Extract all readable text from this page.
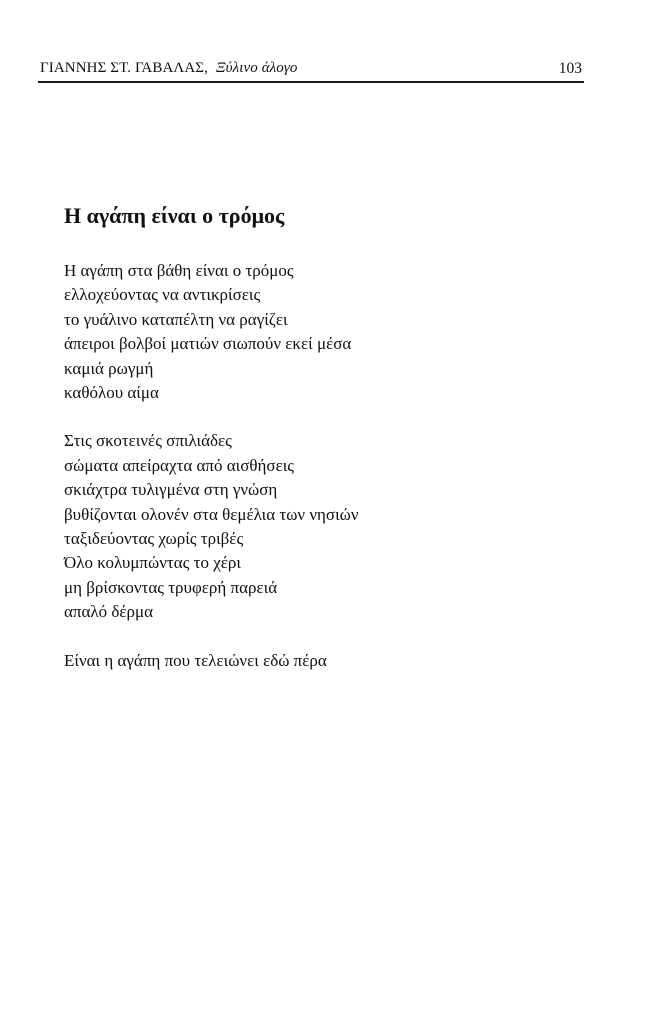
ΓΙΑΝΝΗΣ ΣΤ. ΓΑΒΑΛΑΣ, Ξύλινο άλογο	103
Η αγάπη είναι ο τρόμος
Η αγάπη στα βάθη είναι ο τρόμος
ελλοχεύοντας να αντικρίσεις
το γυάλινο καταπέλτη να ραγίζει
άπειροι βολβοί ματιών σιωπούν εκεί μέσα
καμιά ρωγμή
καθόλου αίμα
Στις σκοτεινές σπιλιάδες
σώματα απείραχτα από αισθήσεις
σκιάχτρα τυλιγμένα στη γνώση
βυθίζονται ολονέν στα θεμέλια των νησιών
ταξιδεύοντας χωρίς τριβές
Όλο κολυμπώντας το χέρι
μη βρίσκοντας τρυφερή παρειά
απαλό δέρμα
Είναι η αγάπη που τελειώνει εδώ πέρα
